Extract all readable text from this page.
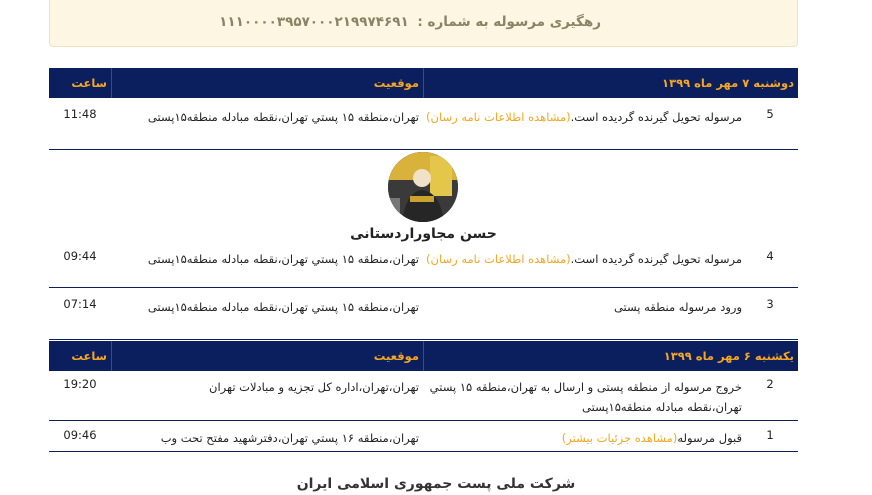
رهگیری مرسوله به شماره : ۱۱۱۰۰۰۰۳۹۵۷۰۰۰۲۱۹۹۷۴۶۹۱
دوشنبه ۷ مهر ماه ۱۳۹۹
موقعیت
ساعت
5
مرسوله تحویل گیرنده گردیده است.(مشاهده اطلاعات نامه رسان)
تهران،منطقه ۱۵ پستي تهران،نقطه مبادله منطقه۱۵پستی
11:48
حسن مجاوراردستانی
4
مرسوله تحویل گیرنده گردیده است.(مشاهده اطلاعات نامه رسان)
تهران،منطقه ۱۵ پستي تهران،نقطه مبادله منطقه۱۵پستی
09:44
3
ورود مرسوله منطقه پستی
تهران،منطقه ۱۵ پستي تهران،نقطه مبادله منطقه۱۵پستی
07:14
یکشنبه ۶ مهر ماه ۱۳۹۹
موقعیت
ساعت
2
خروج مرسوله از منطقه پستی و ارسال به تهران،منطقه ۱۵ پستي تهران،نقطه مبادله منطقه۱۵پستی
تهران،تهران،اداره کل تجزیه و مبادلات تهران
19:20
1
قبول مرسوله(مشاهده جزئیات بیشتر)
تهران،منطقه ۱۶ پستي تهران،دفترشهید مفتح تحت وب
09:46
شرکت ملی پست جمهوری اسلامی ایران
